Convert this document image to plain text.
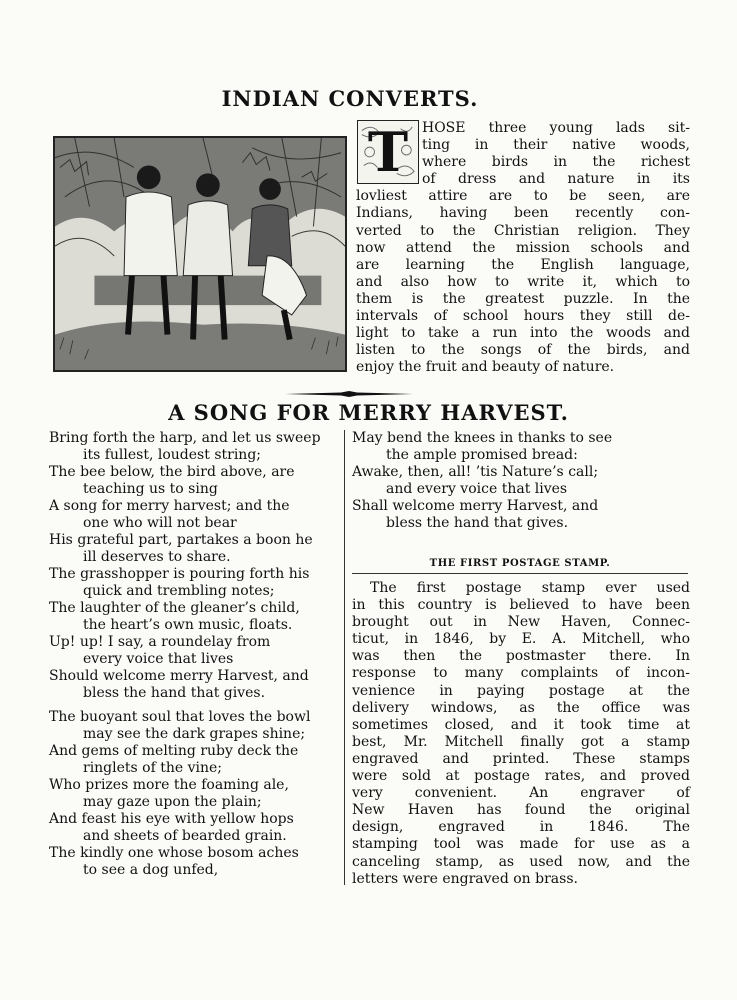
INDIAN CONVERTS.
T HOSE three young lads sit-
ting in their native woods,
where birds in the richest
of dress and nature in its
lovliest attire are to be seen, are
Indians, having been recently con-
verted to the Christian religion. They
now attend the mission schools and
are learning the English language,
and also how to write it, which to
them is the greatest puzzle. In the
intervals of school hours they still de-
light to take a run into the woods and
listen to the songs of the birds, and
enjoy the fruit and beauty of nature.
A SONG FOR MERRY HARVEST.
Bring forth the harp, and let us sweep
its fullest, loudest string;
The bee below, the bird above, are
teaching us to sing
A song for merry harvest; and the
one who will not bear
His grateful part, partakes a boon he
ill deserves to share.
The grasshopper is pouring forth his
quick and trembling notes;
The laughter of the gleaner’s child,
the heart’s own music, floats.
Up! up! I say, a roundelay from
every voice that lives
Should welcome merry Harvest, and
bless the hand that gives.
The buoyant soul that loves the bowl
may see the dark grapes shine;
And gems of melting ruby deck the
ringlets of the vine;
Who prizes more the foaming ale,
may gaze upon the plain;
And feast his eye with yellow hops
and sheets of bearded grain.
The kindly one whose bosom aches
to see a dog unfed,
May bend the knees in thanks to see
the ample promised bread:
Awake, then, all! ’tis Nature’s call;
and every voice that lives
Shall welcome merry Harvest, and
bless the hand that gives.
THE FIRST POSTAGE STAMP.
The first postage stamp ever used
in this country is believed to have been
brought out in New Haven, Connec-
ticut, in 1846, by E. A. Mitchell, who
was then the postmaster there. In
response to many complaints of incon-
venience in paying postage at the
delivery windows, as the office was
sometimes closed, and it took time at
best, Mr. Mitchell finally got a stamp
engraved and printed. These stamps
were sold at postage rates, and proved
very convenient. An engraver of
New Haven has found the original
design, engraved in 1846. The
stamping tool was made for use as a
canceling stamp, as used now, and the
letters were engraved on brass.
